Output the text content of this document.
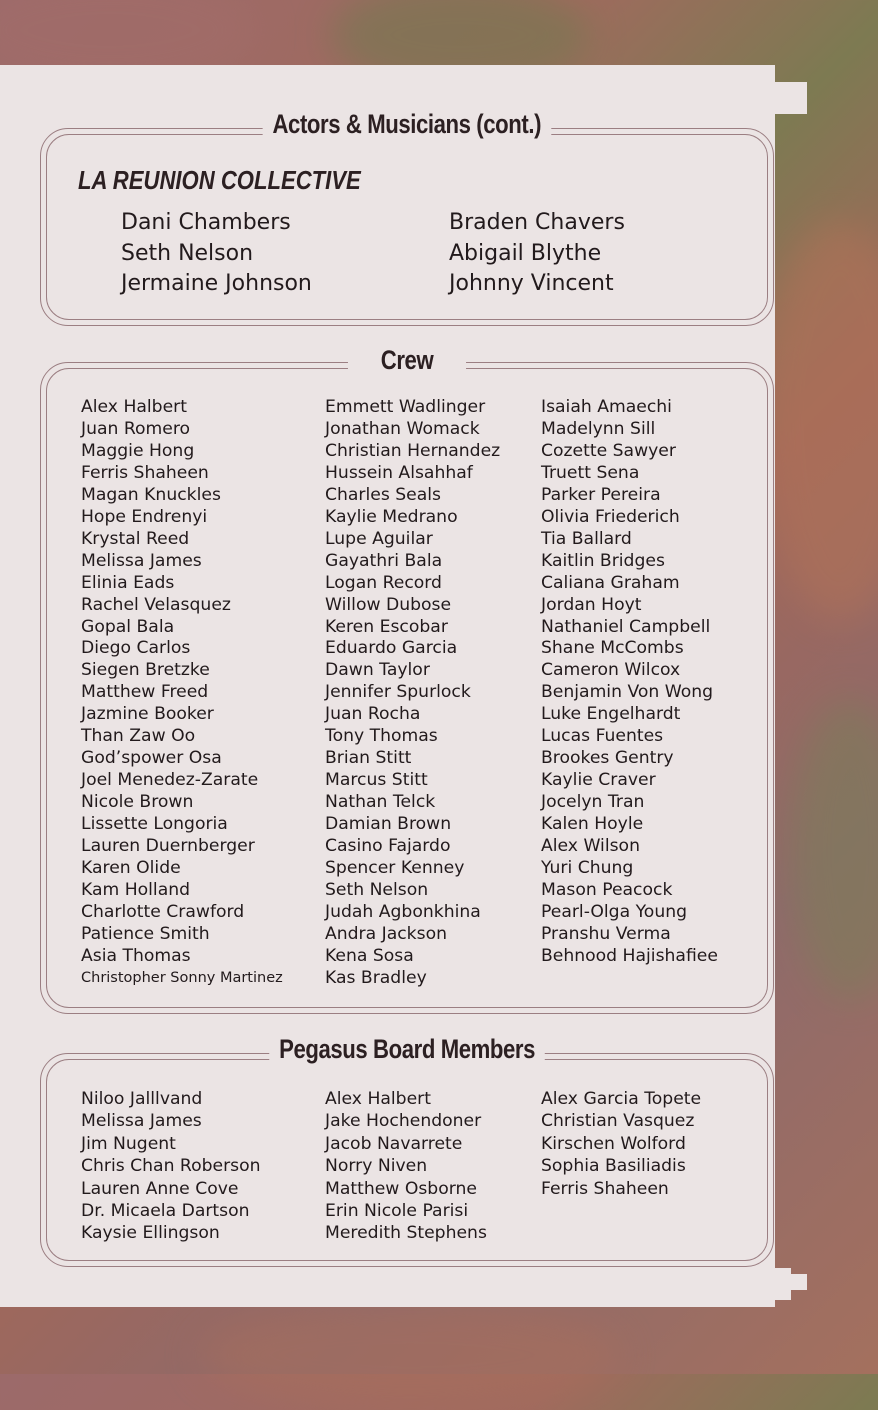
Actors & Musicians (cont.)
LA REUNION COLLECTIVE
Dani Chambers
Seth Nelson
Jermaine Johnson
Braden Chavers
Abigail Blythe
Johnny Vincent
Crew
Alex Halbert
Juan Romero
Maggie Hong
Ferris Shaheen
Magan Knuckles
Hope Endrenyi
Krystal Reed
Melissa James
Elinia Eads
Rachel Velasquez
Gopal Bala
Diego Carlos
Siegen Bretzke
Matthew Freed
Jazmine Booker
Than Zaw Oo
God’spower Osa
Joel Menedez-Zarate
Nicole Brown
Lissette Longoria
Lauren Duernberger
Karen Olide
Kam Holland
Charlotte Crawford
Patience Smith
Asia Thomas
Christopher Sonny Martinez
Emmett Wadlinger
Jonathan Womack
Christian Hernandez
Hussein Alsahhaf
Charles Seals
Kaylie Medrano
Lupe Aguilar
Gayathri Bala
Logan Record
Willow Dubose
Keren Escobar
Eduardo Garcia
Dawn Taylor
Jennifer Spurlock
Juan Rocha
Tony Thomas
Brian Stitt
Marcus Stitt
Nathan Telck
Damian Brown
Casino Fajardo
Spencer Kenney
Seth Nelson
Judah Agbonkhina
Andra Jackson
Kena Sosa
Kas Bradley
Isaiah Amaechi
Madelynn Sill
Cozette Sawyer
Truett Sena
Parker Pereira
Olivia Friederich
Tia Ballard
Kaitlin Bridges
Caliana Graham
Jordan Hoyt
Nathaniel Campbell
Shane McCombs
Cameron Wilcox
Benjamin Von Wong
Luke Engelhardt
Lucas Fuentes
Brookes Gentry
Kaylie Craver
Jocelyn Tran
Kalen Hoyle
Alex Wilson
Yuri Chung
Mason Peacock
Pearl-Olga Young
Pranshu Verma
Behnood Hajishafiee
Pegasus Board Members
Niloo Jalllvand
Melissa James
Jim Nugent
Chris Chan Roberson
Lauren Anne Cove
Dr. Micaela Dartson
Kaysie Ellingson
Alex Halbert
Jake Hochendoner
Jacob Navarrete
Norry Niven
Matthew Osborne
Erin Nicole Parisi
Meredith Stephens
Alex Garcia Topete
Christian Vasquez
Kirschen Wolford
Sophia Basiliadis
Ferris Shaheen
